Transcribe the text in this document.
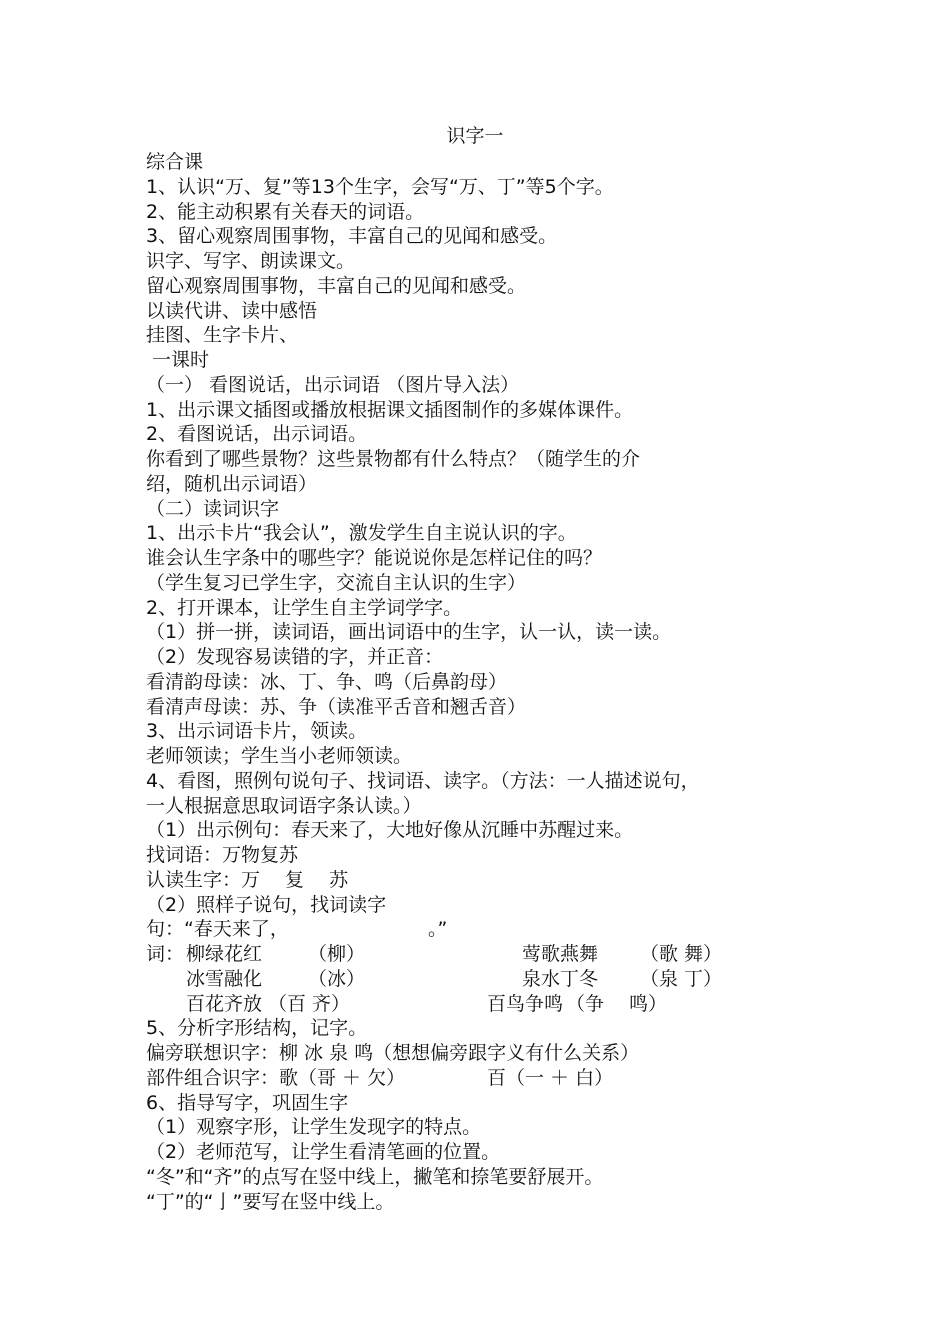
识字一
综合课
1、认识“万、复”等13个生字，会写“万、丁”等5个字。
2、能主动积累有关春天的词语。
3、留心观察周围事物，丰富自己的见闻和感受。
识字、写字、朗读课文。
留心观察周围事物，丰富自己的见闻和感受。
以读代讲、读中感悟
挂图、生字卡片、
一课时
（一） 看图说话，出示词语 （图片导入法）
1、出示课文插图或播放根据课文插图制作的多媒体课件。
2、看图说话，出示词语。
你看到了哪些景物？这些景物都有什么特点？（随学生的介
绍，随机出示词语）
（二）读词识字
1、出示卡片“我会认”，激发学生自主说认识的字。
谁会认生字条中的哪些字？能说说你是怎样记住的吗？
（学生复习已学生字，交流自主认识的生字）
2、打开课本，让学生自主学词学字。
（1）拼一拼，读词语，画出词语中的生字，认一认，读一读。
（2）发现容易读错的字，并正音：
看清韵母读：冰、丁、争、鸣（后鼻韵母）
看清声母读：苏、争（读准平舌音和翘舌音）
3、出示词语卡片，领读。
老师领读；学生当小老师领读。
4、看图，照例句说句子、找词语、读字。（方法：一人描述说句，
一人根据意思取词语字条认读。）
（1）出示例句：春天来了，大地好像从沉睡中苏醒过来。
找词语：万物复苏
认读生字：万　 复　 苏
（2）照样子说句，找词读字
句：“春天来了，	。”
词： 柳绿花红 （柳）	莺歌燕舞 （歌 舞）
冰雪融化 （冰）	泉水丁冬 （泉 丁）
百花齐放 （百 齐）	百鸟争鸣 （争　 鸣）
5、分析字形结构，记字。
偏旁联想识字：柳 冰 泉 鸣（想想偏旁跟字义有什么关系）
部件组合识字：歌（哥 ＋ 欠）	百（一 ＋ 白）
6、指导写字，巩固生字
（1）观察字形，让学生发现字的特点。
（2）老师范写，让学生看清笔画的位置。
“冬”和“齐”的点写在竖中线上，撇笔和捺笔要舒展开。
“丁”的“亅”要写在竖中线上。
